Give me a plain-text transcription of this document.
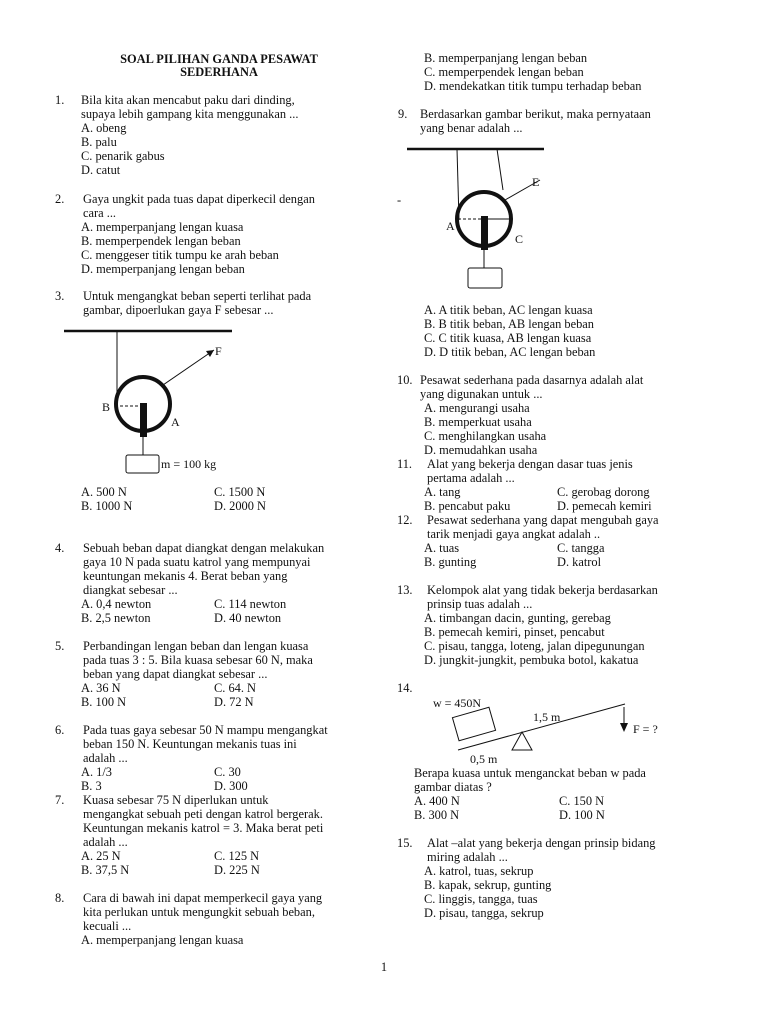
SOAL PILIHAN GANDA PESAWAT
SEDERHANA
1. Bila kita akan mencabut paku dari dinding,
supaya lebih gampang kita menggunakan ...
A. obeng
B. palu
C. penarik gabus
D. catut
2. Gaya ungkit pada tuas dapat diperkecil dengan
cara ...
A. memperpanjang lengan kuasa
B. memperpendek lengan beban
C. menggeser titik tumpu ke arah beban
D. memperpanjang lengan beban
3. Untuk mengangkat beban seperti terlihat pada
gambar, dipoerlukan gaya F sebesar ...
F
B
A
m = 100 kg
A. 500 N	C. 1500 N
B. 1000 N	D. 2000 N
4. Sebuah beban dapat diangkat dengan melakukan
gaya 10 N pada suatu katrol yang mempunyai
keuntungan mekanis 4. Berat beban yang
diangkat sebesar ...
A. 0,4 newton	C. 114 newton
B. 2,5 newton	D. 40 newton
5. Perbandingan lengan beban dan lengan kuasa
pada tuas 3 : 5. Bila kuasa sebesar 60 N, maka
beban yang dapat diangkat sebesar ...
A. 36 N	C. 64. N
B. 100 N	D. 72 N
6. Pada tuas gaya sebesar 50 N mampu mengangkat
beban 150 N. Keuntungan mekanis tuas ini
adalah ...
A. 1/3	C. 30
B. 3	D. 300
7. Kuasa sebesar 75 N diperlukan untuk
mengangkat sebuah peti dengan katrol bergerak.
Keuntungan mekanis katrol = 3. Maka berat peti
adalah ...
A. 25 N	C. 125 N
B. 37,5 N	D. 225 N
8. Cara di bawah ini dapat memperkecil gaya yang
kita perlukan untuk mengungkit sebuah beban,
kecuali ...
A. memperpanjang lengan kuasa
B. memperpanjang lengan beban
C. memperpendek lengan beban
D. mendekatkan titik tumpu terhadap beban
9. Berdasarkan gambar berikut, maka pernyataan
yang benar adalah ...
-
E
A
C
A. A titik beban, AC lengan kuasa
B. B titik beban, AB lengan beban
C. C titik kuasa, AB lengan kuasa
D. D titik beban, AC lengan beban
10. Pesawat sederhana pada dasarnya adalah alat
yang digunakan untuk ...
A. mengurangi usaha
B. memperkuat usaha
C. menghilangkan usaha
D. memudahkan usaha
11. Alat yang bekerja dengan dasar tuas jenis
pertama adalah ...
A. tang	C. gerobag dorong
B. pencabut paku	D. pemecah kemiri
12. Pesawat sederhana yang dapat mengubah gaya
tarik menjadi gaya angkat adalah ..
A. tuas	C. tangga
B. gunting	D. katrol
13. Kelompok alat yang tidak bekerja berdasarkan
prinsip tuas adalah ...
A. timbangan dacin, gunting, gerebag
B. pemecah kemiri, pinset, pencabut
C. pisau, tangga, loteng, jalan dipegunungan
D. jungkit-jungkit, pembuka botol, kakatua
14.
w = 450N
1,5 m
F = ?
0,5 m
Berapa kuasa untuk menganckat beban w pada
gambar diatas ?
A. 400 N	C. 150 N
B. 300 N	D. 100 N
15. Alat –alat yang bekerja dengan prinsip bidang
miring adalah ...
A. katrol, tuas, sekrup
B. kapak, sekrup, gunting
C. linggis, tangga, tuas
D. pisau, tangga, sekrup
1
